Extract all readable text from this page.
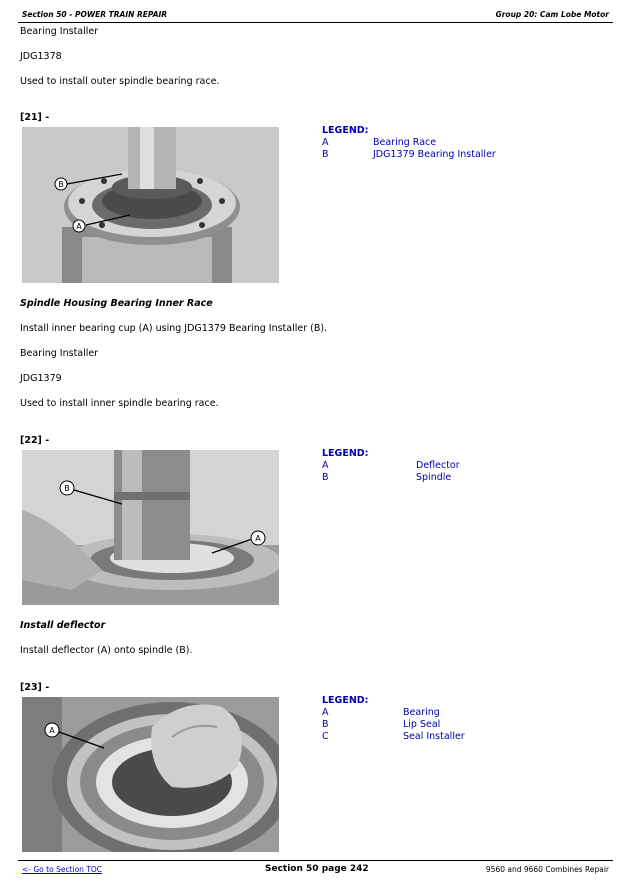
Section 50 - POWER TRAIN REPAIR	Group 20: Cam Lobe Motor
Bearing Installer
JDG1378
Used to install outer spindle bearing race.
[21] -
B
A
LEGEND:
A	Bearing Race
B	JDG1379 Bearing Installer
Spindle Housing Bearing Inner Race
Install inner bearing cup (A) using JDG1379 Bearing Installer (B).
Bearing Installer
JDG1379
Used to install inner spindle bearing race.
[22] -
B
A
LEGEND:
A	Deflector
B	Spindle
Install deflector
Install deflector (A) onto spindle (B).
[23] -
A
LEGEND:
A	Bearing
B	Lip Seal
C	Seal Installer
<- Go to Section TOC	Section 50 page 242	9560 and 9660 Combines Repair
